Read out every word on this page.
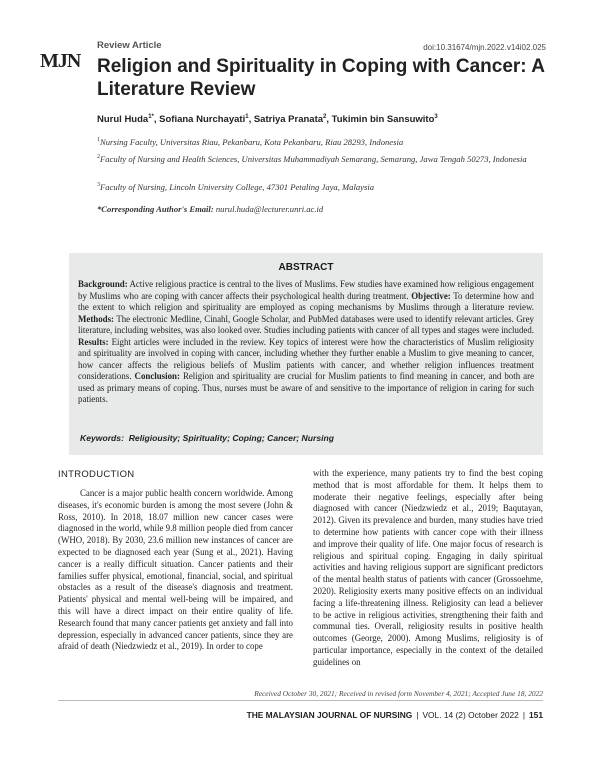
MJN
Review Article	doi:10.31674/mjn.2022.v14i02.025
Religion and Spirituality in Coping with Cancer: A Literature Review
Nurul Huda$^{1*}$, Sofiana Nurchayati$^1$, Satriya Pranata$^2$, Tukimin bin Sansuwito$^3$
$^1$Nursing Faculty, Universitas Riau, Pekanbaru, Kota Pekanbaru, Riau 28293, Indonesia
$^2$Faculty of Nursing and Health Sciences, Universitas Muhammadiyah Semarang, Semarang, Jawa Tengah 50273, Indonesia
$^3$Faculty of Nursing, Lincoln University College, 47301 Petaling Jaya, Malaysia
*Corresponding Author's Email: nurul.huda@lecturer.unri.ac.id
ABSTRACT
Background: Active religious practice is central to the lives of Muslims. Few studies have examined how religious engagement by Muslims who are coping with cancer affects their psychological health during treatment. Objective: To determine how and the extent to which religion and spirituality are employed as coping mechanisms by Muslims through a literature review. Methods: The electronic Medline, Cinahl, Google Scholar, and PubMed databases were used to identify relevant articles. Grey literature, including websites, was also looked over. Studies including patients with cancer of all types and stages were included. Results: Eight articles were included in the review. Key topics of interest were how the characteristics of Muslim religiosity and spirituality are involved in coping with cancer, including whether they further enable a Muslim to give meaning to cancer, how cancer affects the religious beliefs of Muslim patients with cancer, and whether religion influences treatment considerations. Conclusion: Religion and spirituality are crucial for Muslim patients to find meaning in cancer, and both are used as primary means of coping. Thus, nurses must be aware of and sensitive to the importance of religion in caring for such patients.
Keywords: Religiousity; Spirituality; Coping; Cancer; Nursing
INTRODUCTION
Cancer is a major public health concern worldwide. Among diseases, it's economic burden is among the most severe (John & Ross, 2010). In 2018, 18.07 million new cancer cases were diagnosed in the world, while 9.8 million people died from cancer (WHO, 2018). By 2030, 23.6 million new instances of cancer are expected to be diagnosed each year (Sung et al., 2021). Having cancer is a really difficult situation. Cancer patients and their families suffer physical, emotional, financial, social, and spiritual obstacles as a result of the disease's diagnosis and treatment. Patients' physical and mental well-being will be impaired, and this will have a direct impact on their entire quality of life. Research found that many cancer patients get anxiety and fall into depression, especially in advanced cancer patients, since they are afraid of death (Niedzwiedz et al., 2019). In order to cope
with the experience, many patients try to find the best coping method that is most affordable for them. It helps them to moderate their negative feelings, especially after being diagnosed with cancer (Niedzwiedz et al., 2019; Baqutayan, 2012). Given its prevalence and burden, many studies have tried to determine how patients with cancer cope with their illness and improve their quality of life. One major focus of research is religious and spiritual coping. Engaging in daily spiritual activities and having religious support are significant predictors of the mental health status of patients with cancer (Grossoehme, 2020). Religiosity exerts many positive effects on an individual facing a life-threatening illness. Religiosity can lead a believer to be active in religious activities, strengthening their faith and communal ties. Overall, religiosity results in positive health outcomes (George, 2000). Among Muslims, religiosity is of particular importance, especially in the context of the detailed guidelines on
Received October 30, 2021; Received in revised form November 4, 2021; Accepted June 18, 2022
THE MALAYSIAN JOURNAL OF NURSING | VOL. 14 (2) October 2022 | 151
